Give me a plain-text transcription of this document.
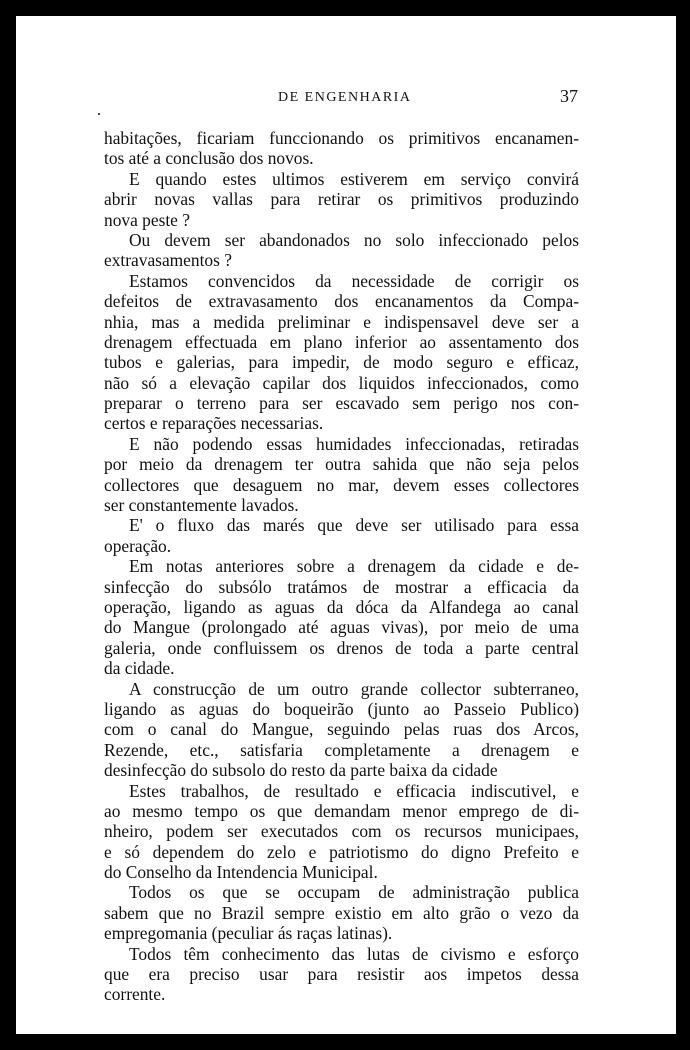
DE ENGENHARIA	37
habitações, ficariam funccionando os primitivos encanamen-
tos até a conclusão dos novos.
E quando estes ultimos estiverem em serviço convirá
abrir novas vallas para retirar os primitivos produzindo
nova peste ?
Ou devem ser abandonados no solo infeccionado pelos
extravasamentos ?
Estamos convencidos da necessidade de corrigir os
defeitos de extravasamento dos encanamentos da Compa-
nhia, mas a medida preliminar e indispensavel deve ser a
drenagem effectuada em plano inferior ao assentamento dos
tubos e galerias, para impedir, de modo seguro e efficaz,
não só a elevação capilar dos liquidos infeccionados, como
preparar o terreno para ser escavado sem perigo nos con-
certos e reparações necessarias.
E não podendo essas humidades infeccionadas, retiradas
por meio da drenagem ter outra sahida que não seja pelos
collectores que desaguem no mar, devem esses collectores
ser constantemente lavados.
E' o fluxo das marés que deve ser utilisado para essa
operação.
Em notas anteriores sobre a drenagem da cidade e de-
sinfecção do subsólo tratámos de mostrar a efficacia da
operação, ligando as aguas da dóca da Alfandega ao canal
do Mangue (prolongado até aguas vivas), por meio de uma
galeria, onde confluissem os drenos de toda a parte central
da cidade.
A construcção de um outro grande collector subterraneo,
ligando as aguas do boqueirão (junto ao Passeio Publico)
com o canal do Mangue, seguindo pelas ruas dos Arcos,
Rezende, etc., satisfaria completamente a drenagem e
desinfecção do subsolo do resto da parte baixa da cidade
Estes trabalhos, de resultado e efficacia indiscutivel, e
ao mesmo tempo os que demandam menor emprego de di-
nheiro, podem ser executados com os recursos municipaes,
e só dependem do zelo e patriotismo do digno Prefeito e
do Conselho da Intendencia Municipal.
Todos os que se occupam de administração publica
sabem que no Brazil sempre existio em alto grão o vezo da
empregomania (peculiar ás raças latinas).
Todos têm conhecimento das lutas de civismo e esforço
que era preciso usar para resistir aos impetos dessa
corrente.
